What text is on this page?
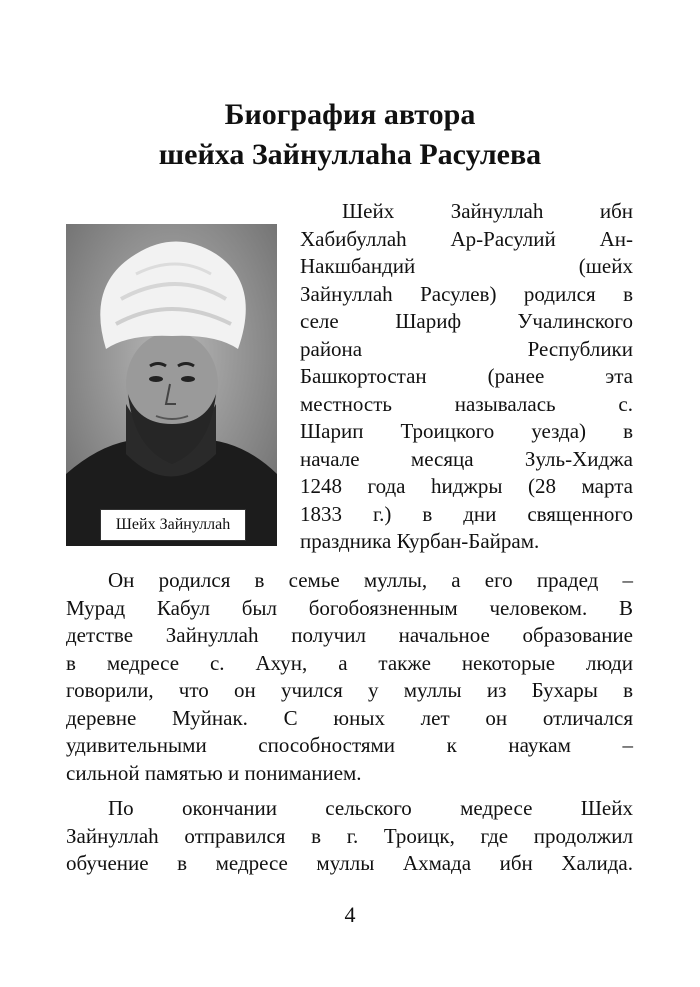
Биография автора
шейха Зайнуллаhа Расулева
Шейх Зайнуллаh
Шейх Зайнуллаh ибн
Хабибуллаh Ар-Расулий Ан-
Накшбандий (шейх
Зайнуллаh Расулев) родился в
селе Шариф Учалинского
района Республики
Башкортостан (ранее эта
местность называлась с.
Шарип Троицкого уезда) в
начале месяца Зуль-Хиджа
1248 года hиджры (28 марта
1833 г.) в дни священного
праздника Курбан-Байрам.
Он родился в семье муллы, а его прадед –
Мурад Кабул был богобоязненным человеком. В
детстве Зайнуллаh получил начальное образование
в медресе с. Ахун, а также некоторые люди
говорили, что он учился у муллы из Бухары в
деревне Муйнак. С юных лет он отличался
удивительными способностями к наукам –
сильной памятью и пониманием.
По окончании сельского медресе Шейх
Зайнуллаh отправился в г. Троицк, где продолжил
обучение в медресе муллы Ахмада ибн Халида.
4
